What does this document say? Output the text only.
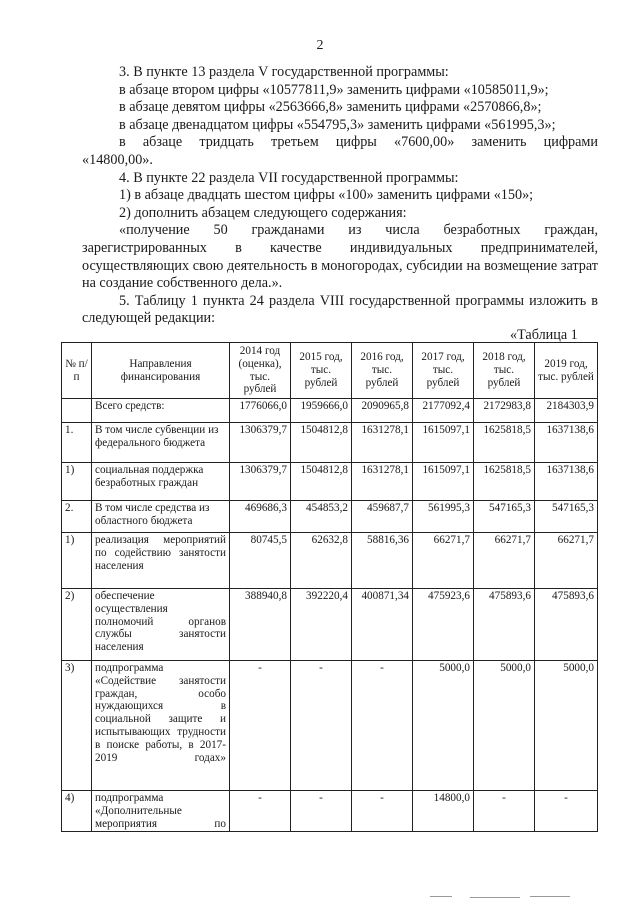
2

3. В пункте 13 раздела V государственной программы:

в абзаце втором цифры «10577811,9» заменить цифрами «10585011,9»;

в абзаце девятом цифры «2563666,8» заменить цифрами «2570866,8»;

в абзаце двенадцатом цифры «554795,3» заменить цифрами «561995,3»;

в абзаце тридцать третьем цифры «7600,00» заменить цифрами

«14800,00».

4. В пункте 22 раздела VII государственной программы:

1) в абзаце двадцать шестом цифры «100» заменить цифрами «150»;

2) дополнить абзацем следующего содержания:

«получение 50 гражданами из числа безработных граждан, зарегистрированных в качестве индивидуальных предпринимателей, осуществляющих свою деятельность в моногородах, субсидии на возмещение затрат на создание собственного дела.».

5. Таблицу 1 пункта 24 раздела VIII государственной программы изложить в следующей редакции:

«Таблица 1
№ п/п	Направления финансирования	2014 год (оценка), тыс. рублей	2015 год, тыс. рублей	2016 год, тыс. рублей	2017 год, тыс. рублей	2018 год, тыс. рублей	2019 год, тыс. рублей
	Всего средств:	1776066,0	1959666,0	2090965,8	2177092,4	2172983,8	2184303,9
1.	В том числе субвенции из федерального бюджета	1306379,7	1504812,8	1631278,1	1615097,1	1625818,5	1637138,6
1)	социальная поддержка безработных граждан	1306379,7	1504812,8	1631278,1	1615097,1	1625818,5	1637138,6
2.	В том числе средства из областного бюджета	469686,3	454853,2	459687,7	561995,3	547165,3	547165,3
1)	реализация мероприятий по содействию занятости населения	80745,5	62632,8	58816,36	66271,7	66271,7	66271,7
2)	обеспечение осуществления полномочий органов службы занятости населения	388940,8	392220,4	400871,34	475923,6	475893,6	475893,6
3)	подпрограмма «Содействие занятости граждан, особо нуждающихся в социальной защите и испытывающих трудности в поиске работы, в 2017-2019 годах»	-	-	-	5000,0	5000,0	5000,0
4)	подпрограмма «Дополнительные мероприятия по	-	-	-	14800,0	-	-
